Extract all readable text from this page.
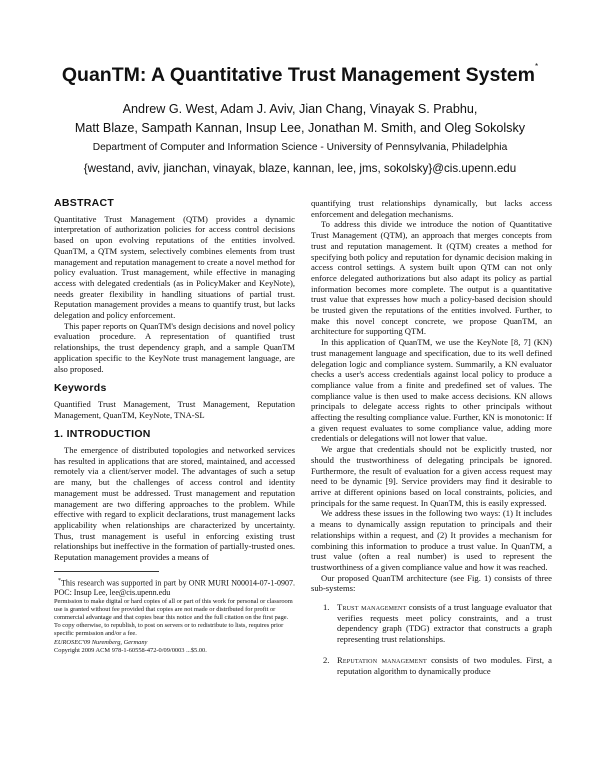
QuanTM: A Quantitative Trust Management System*
Andrew G. West, Adam J. Aviv, Jian Chang, Vinayak S. Prabhu,
Matt Blaze, Sampath Kannan, Insup Lee, Jonathan M. Smith, and Oleg Sokolsky
Department of Computer and Information Science - University of Pennsylvania, Philadelphia
{westand, aviv, jianchan, vinayak, blaze, kannan, lee, jms, sokolsky}@cis.upenn.edu
ABSTRACT

Quantitative Trust Management (QTM) provides a dynamic interpretation of authorization policies for access control decisions based on upon evolving reputations of the entities involved. QuanTM, a QTM system, selectively combines elements from trust management and reputation management to create a novel method for policy evaluation. Trust management, while effective in managing access with delegated credentials (as in PolicyMaker and KeyNote), needs greater flexibility in handling situations of partial trust. Reputation management provides a means to quantify trust, but lacks delegation and policy enforcement.

This paper reports on QuanTM's design decisions and novel policy evaluation procedure. A representation of quantified trust relationships, the trust dependency graph, and a sample QuanTM application specific to the KeyNote trust management language, are also proposed.

Keywords

Quantified Trust Management, Trust Management, Reputation Management, QuanTM, KeyNote, TNA-SL

1. INTRODUCTION

The emergence of distributed topologies and networked services has resulted in applications that are stored, maintained, and accessed remotely via a client/server model. The advantages of such a setup are many, but the challenges of access control and identity management must be addressed. Trust management and reputation management are two differing approaches to the problem. While effective with regard to explicit declarations, trust management lacks applicability when relationships are characterized by uncertainty. Thus, trust management is useful in enforcing existing trust relationships but ineffective in the formation of partially-trusted ones. Reputation management provides a means of

*This research was supported in part by ONR MURI N00014-07-1-0907. POC: Insup Lee, lee@cis.upenn.edu

Permission to make digital or hard copies of all or part of this work for personal or classroom use is granted without fee provided that copies are not made or distributed for profit or commercial advantage and that copies bear this notice and the full citation on the first page. To copy otherwise, to republish, to post on servers or to redistribute to lists, requires prior specific permission and/or a fee.

EUROSEC'09 Nuremberg, Germany

Copyright 2009 ACM 978-1-60558-472-0/09/0003 ...$5.00.

quantifying trust relationships dynamically, but lacks access enforcement and delegation mechanisms.

To address this divide we introduce the notion of Quantitative Trust Management (QTM), an approach that merges concepts from trust and reputation management. It (QTM) creates a method for specifying both policy and reputation for dynamic decision making in access control settings. A system built upon QTM can not only enforce delegated authorizations but also adapt its policy as partial information becomes more complete. The output is a quantitative trust value that expresses how much a policy-based decision should be trusted given the reputations of the entities involved. Further, to make this novel concept concrete, we propose QuanTM, an architecture for supporting QTM.

In this application of QuanTM, we use the KeyNote [8, 7] (KN) trust management language and specification, due to its well defined delegation logic and compliance system. Summarily, a KN evaluator checks a user's access credentials against local policy to produce a compliance value from a finite and predefined set of values. The compliance value is then used to make access decisions. KN allows principals to delegate access rights to other principals without affecting the resulting compliance value. Further, KN is monotonic: If a given request evaluates to some compliance value, adding more credentials or delegations will not lower that value.

We argue that credentials should not be explicitly trusted, nor should the trustworthiness of delegating principals be ignored. Furthermore, the result of evaluation for a given access request may need to be dynamic [9]. Service providers may find it desirable to arrive at different opinions based on local constraints, policies, and principals for the same request. In QuanTM, this is easily expressed.

We address these issues in the following two ways: (1) It includes a means to dynamically assign reputation to principals and their relationships within a request, and (2) It provides a mechanism for combining this information to produce a trust value. In QuanTM, a trust value (often a real number) is used to represent the trustworthiness of a given compliance value and how it was reached.

Our proposed QuanTM architecture (see Fig. 1) consists of three sub-systems:

1. Trust management consists of a trust language evaluator that verifies requests meet policy constraints, and a trust dependency graph (TDG) extractor that constructs a graph representing trust relationships.
2. Reputation management consists of two modules. First, a reputation algorithm to dynamically produce
